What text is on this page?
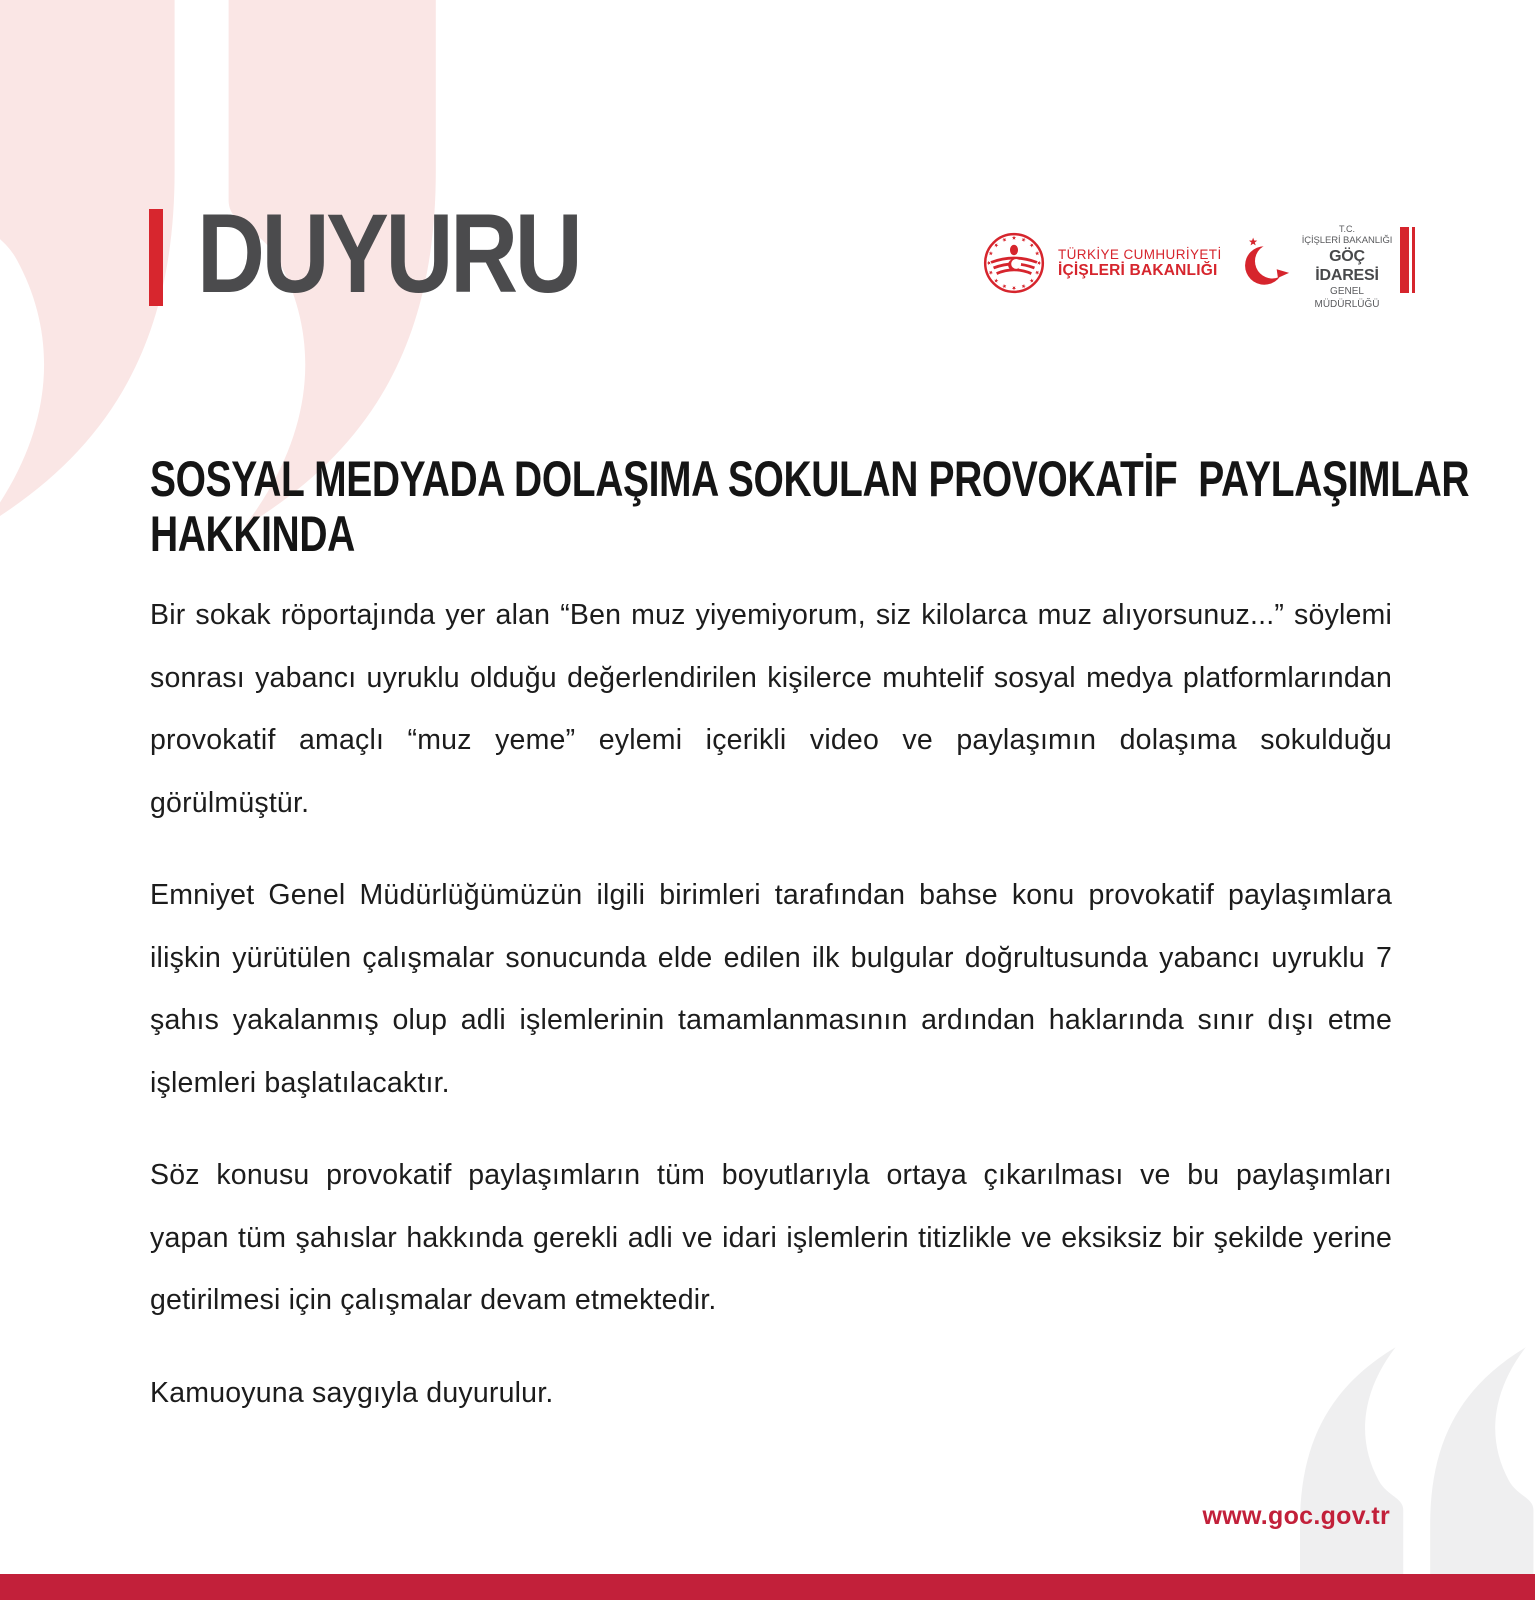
DUYURU	TÜRKİYE CUMHURİYETİ
İÇİŞLERİ BAKANLIĞI
T.C.
İÇİŞLERİ BAKANLIĞI
GÖÇ İDARESİ
GENEL MÜDÜRLÜĞÜ
SOSYAL MEDYADA DOLAŞIMA SOKULAN PROVOKATİF  PAYLAŞIMLAR
HAKKINDA

Bir sokak röportajında yer alan “Ben muz yiyemiyorum, siz kilolarca muz alıyorsunuz...” söylemi sonrası yabancı uyruklu olduğu değerlendirilen kişilerce muhtelif sosyal medya platformlarından provokatif amaçlı “muz yeme” eylemi içerikli video ve paylaşımın dolaşıma sokulduğu görülmüştür.

Emniyet Genel Müdürlüğümüzün ilgili birimleri tarafından bahse konu provokatif paylaşımlara ilişkin yürütülen çalışmalar sonucunda elde edilen ilk bulgular doğrultusunda yabancı uyruklu 7 şahıs yakalanmış olup adli işlemlerinin tamamlanmasının ardından haklarında sınır dışı etme işlemleri başlatılacaktır.

Söz konusu provokatif paylaşımların tüm boyutlarıyla ortaya çıkarılması ve bu paylaşımları yapan tüm şahıslar hakkında gerekli adli ve idari işlemlerin titizlikle ve eksiksiz bir şekilde yerine getirilmesi için çalışmalar devam etmektedir.

Kamuoyuna saygıyla duyurulur.

www.goc.gov.tr
